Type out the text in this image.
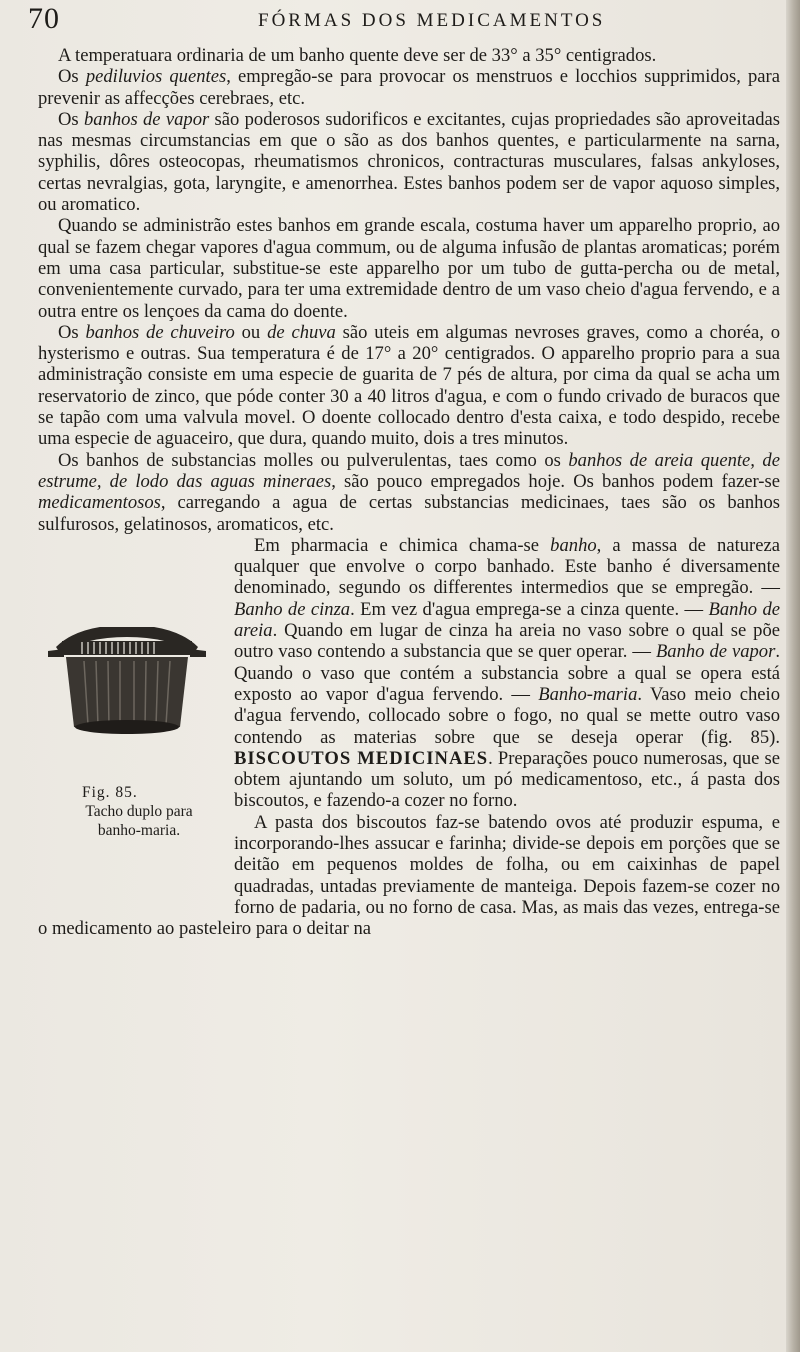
70	FÓRMAS DOS MEDICAMENTOS

A temperatuara ordinaria de um banho quente deve ser de 33° a 35° centigrados.

Os pediluvios quentes, empregão-se para provocar os menstruos e locchios supprimidos, para prevenir as affecções cerebraes, etc.

Os banhos de vapor são poderosos sudorificos e excitantes, cujas propriedades são aproveitadas nas mesmas circumstancias em que o são as dos banhos quentes, e particularmente na sarna, syphilis, dôres osteocopas, rheumatismos chronicos, contracturas musculares, falsas ankyloses, certas nevralgias, gota, laryngite, e amenorrhea. Estes banhos podem ser de vapor aquoso simples, ou aromatico.

Quando se administrão estes banhos em grande escala, costuma haver um apparelho proprio, ao qual se fazem chegar vapores d'agua commum, ou de alguma infusão de plantas aromaticas; porém em uma casa particular, substitue-se este apparelho por um tubo de gutta-percha ou de metal, convenientemente curvado, para ter uma extremidade dentro de um vaso cheio d'agua fervendo, e a outra entre os lençoes da cama do doente.

Os banhos de chuveiro ou de chuva são uteis em algumas nevroses graves, como a choréa, o hysterismo e outras. Sua temperatura é de 17° a 20° centigrados. O apparelho proprio para a sua administração consiste em uma especie de guarita de 7 pés de altura, por cima da qual se acha um reservatorio de zinco, que póde conter 30 a 40 litros d'agua, e com o fundo crivado de buracos que se tapão com uma valvula movel. O doente collocado dentro d'esta caixa, e todo despido, recebe uma especie de aguaceiro, que dura, quando muito, dois a tres minutos.

Os banhos de substancias molles ou pulverulentas, taes como os banhos de areia quente, de estrume, de lodo das aguas mineraes, são pouco empregados hoje. Os banhos podem fazer-se medicamentosos, carregando a agua de certas substancias medicinaes, taes são os banhos sulfurosos, gelatinosos, aromaticos, etc.

Fig. 85.
Tacho duplo para
banho-maria.
Em pharmacia e chimica chama-se banho, a massa de natureza qualquer que envolve o corpo banhado. Este banho é diversamente denominado, segundo os differentes intermedios que se empregão. — Banho de cinza. Em vez d'agua emprega-se a cinza quente. — Banho de areia. Quando em lugar de cinza ha areia no vaso sobre o qual se põe outro vaso contendo a substancia que se quer operar. — Banho de vapor. Quando o vaso que contém a substancia sobre a qual se opera está exposto ao vapor d'agua fervendo. — Banho-maria. Vaso meio cheio d'agua fervendo, collocado sobre o fogo, no qual se mette outro vaso contendo as materias sobre que se deseja operar (fig. 85). BISCOUTOS MEDICINAES. Preparações pouco numerosas, que se obtem ajuntando um soluto, um pó medicamentoso, etc., á pasta dos biscoutos, e fazendo-a cozer no forno.

A pasta dos biscoutos faz-se batendo ovos até produzir espuma, e incorporando-lhes assucar e farinha; divide-se depois em porções que se deitão em pequenos moldes de folha, ou em caixinhas de papel quadradas, untadas previamente de manteiga. Depois fazem-se cozer no forno de padaria, ou no forno de casa. Mas, as mais das vezes, entrega-se o medicamento ao pasteleiro para o deitar na
